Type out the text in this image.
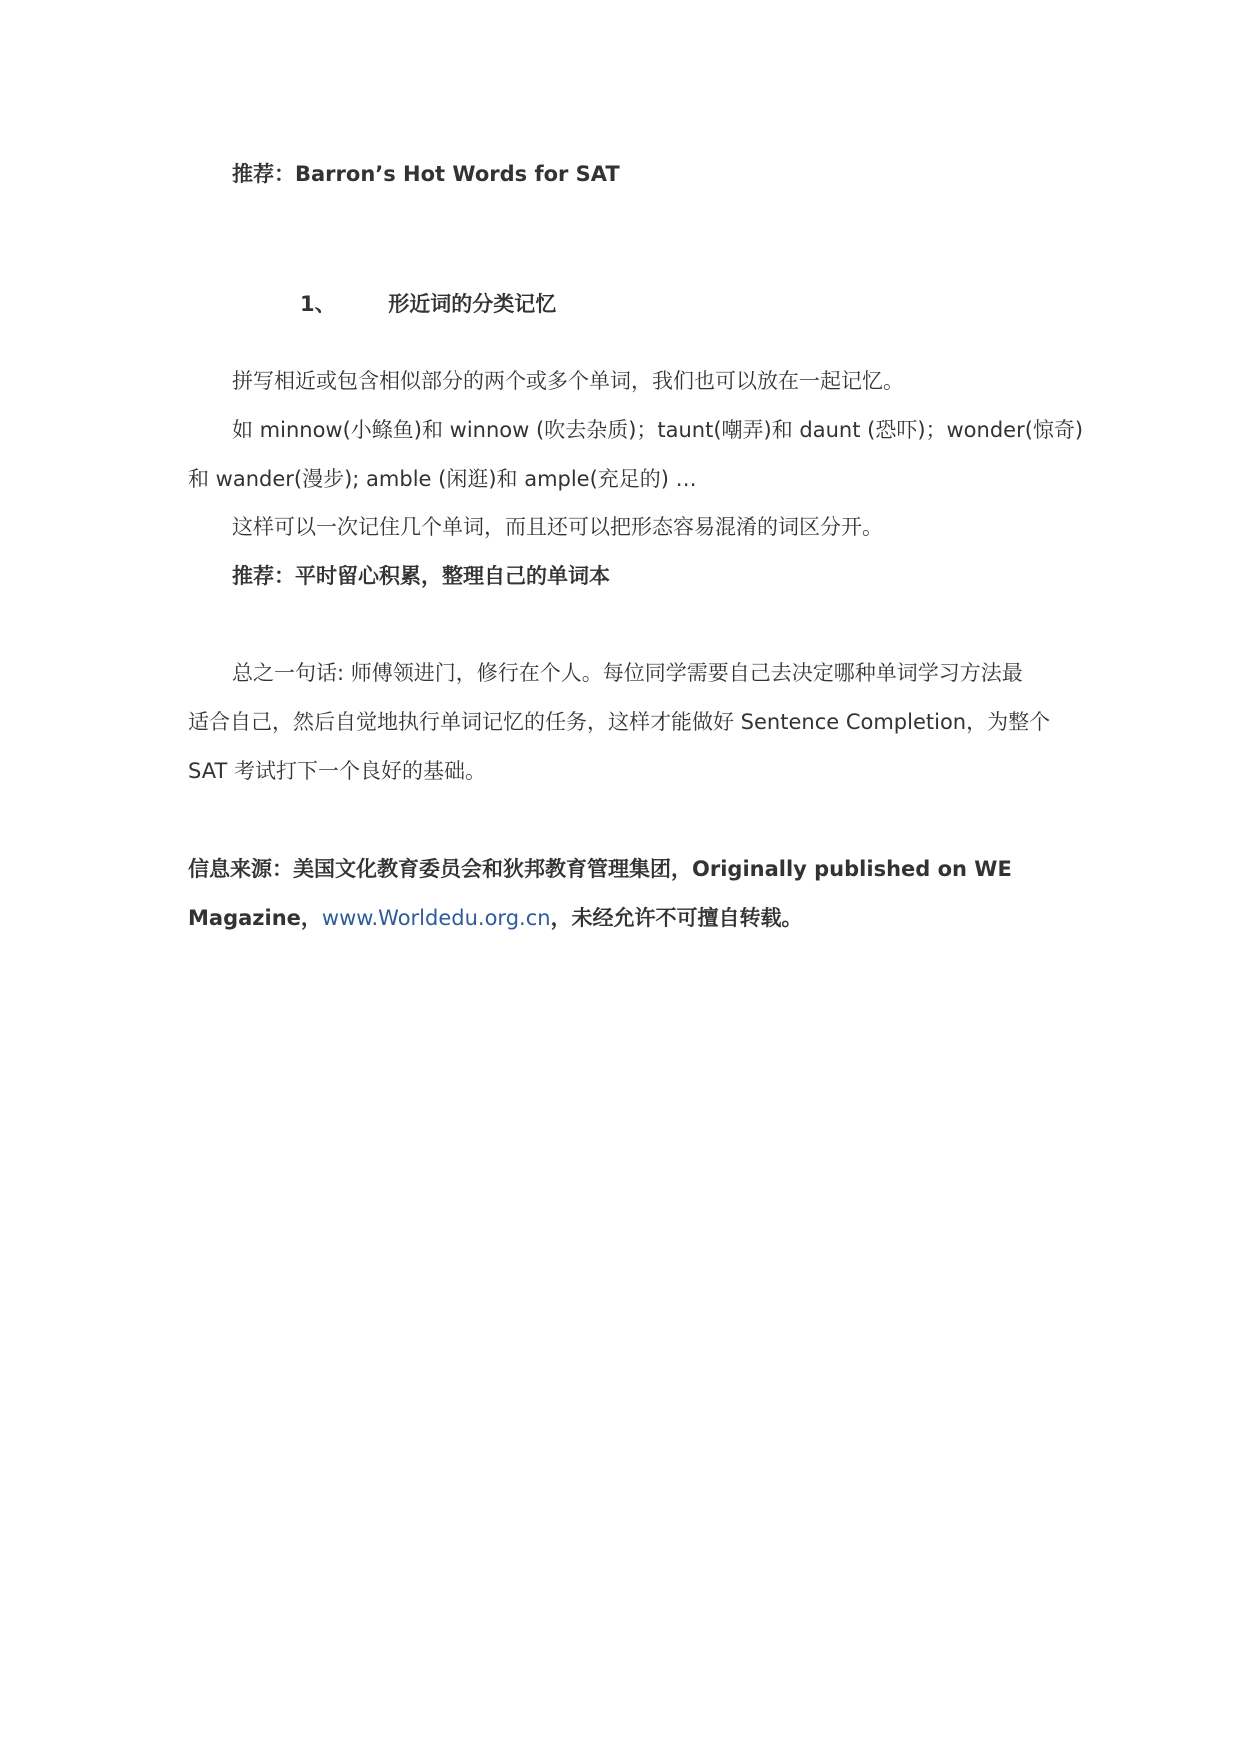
推荐：Barron’s Hot Words for SAT
1、	形近词的分类记忆
拼写相近或包含相似部分的两个或多个单词，我们也可以放在一起记忆。
如 minnow(小鲦鱼)和 winnow (吹去杂质)；taunt(嘲弄)和 daunt (恐吓)；wonder(惊奇)
和 wander(漫步); amble (闲逛)和 ample(充足的) …
这样可以一次记住几个单词，而且还可以把形态容易混淆的词区分开。
推荐：平时留心积累，整理自己的单词本
总之一句话: 师傅领进门，修行在个人。每位同学需要自己去决定哪种单词学习方法最
适合自己，然后自觉地执行单词记忆的任务，这样才能做好 Sentence Completion，为整个
SAT 考试打下一个良好的基础。
信息来源：美国文化教育委员会和狄邦教育管理集团，Originally published on WE
Magazine，www.Worldedu.org.cn，未经允许不可擅自转载。
